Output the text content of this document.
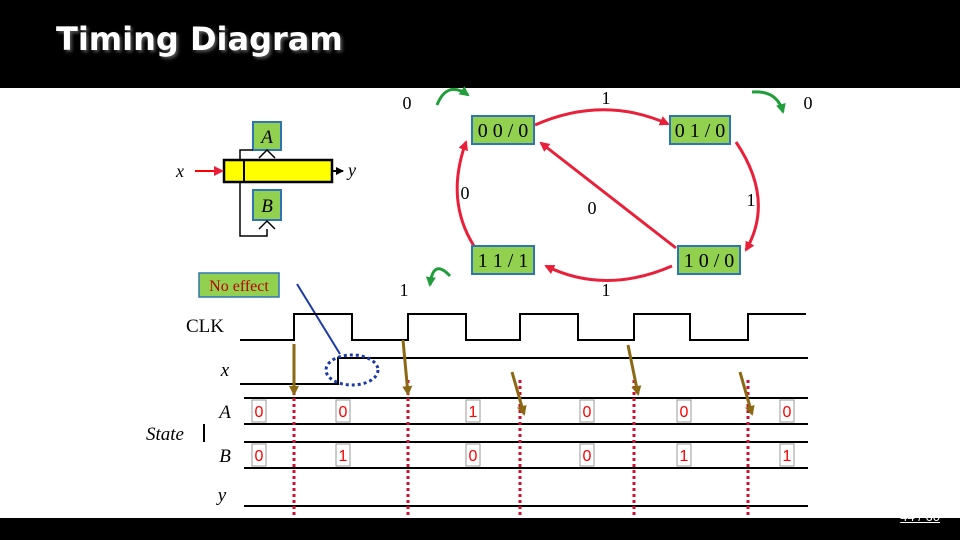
Timing Diagram
A
B
x	y
No effect
0 0 / 0	0 1 / 0
1 1 / 1	1 0 / 0
0	1	0
1
0
0
1	1
CLK
x
A
B
y
State
0	0	1	0	0	0
0	1	0	0	1	1
44 / 60
